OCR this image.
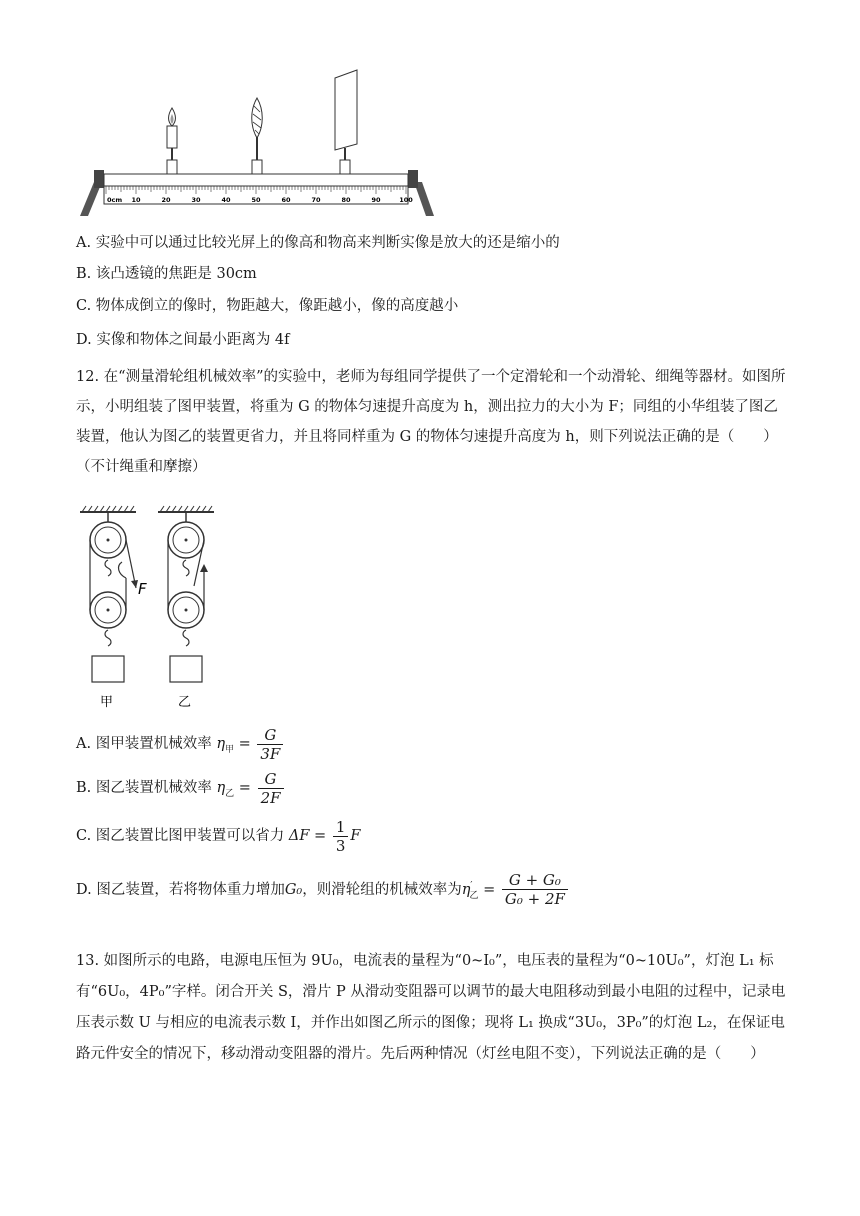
0cm 10	20	30	40	50	60	70	80	90	100
A. 实验中可以通过比较光屏上的像高和物高来判断实像是放大的还是缩小的
B. 该凸透镜的焦距是 30cm
C. 物体成倒立的像时，物距越大，像距越小，像的高度越小
D. 实像和物体之间最小距离为 4f
12. 在“测量滑轮组机械效率”的实验中，老师为每组同学提供了一个定滑轮和一个动滑轮、细绳等器材。如图所示，小明组装了图甲装置，将重为 G 的物体匀速提升高度为 h，测出拉力的大小为 F；同组的小华组装了图乙装置，他认为图乙的装置更省力，并且将同样重为 G 的物体匀速提升高度为 h，则下列说法正确的是（　　）（不计绳重和摩擦）
F
甲	乙
A. 图甲装置机械效率 $\eta_甲 = \frac{G}{3F}$
B. 图乙装置机械效率 $\eta_乙 = \frac{G}{2F}$
C. 图乙装置比图甲装置可以省力 $\Delta F = \frac{1}{3}$ F
D. 图乙装置，若将物体重力增加G₀，则滑轮组的机械效率为$\eta'_乙 = \frac{\text{G + G₀}}{\text{G₀ + 2F}}$
13. 如图所示的电路，电源电压恒为 9U₀，电流表的量程为“0~I₀”，电压表的量程为“0~10U₀”，灯泡 L₁ 标有“6U₀，4P₀”字样。闭合开关 S，滑片 P 从滑动变阻器可以调节的最大电阻移动到最小电阻的过程中，记录电压表示数 U 与相应的电流表示数 I，并作出如图乙所示的图像；现将 L₁ 换成“3U₀，3P₀”的灯泡 L₂，在保证电路元件安全的情况下，移动滑动变阻器的滑片。先后两种情况（灯丝电阻不变），下列说法正确的是（　　）
